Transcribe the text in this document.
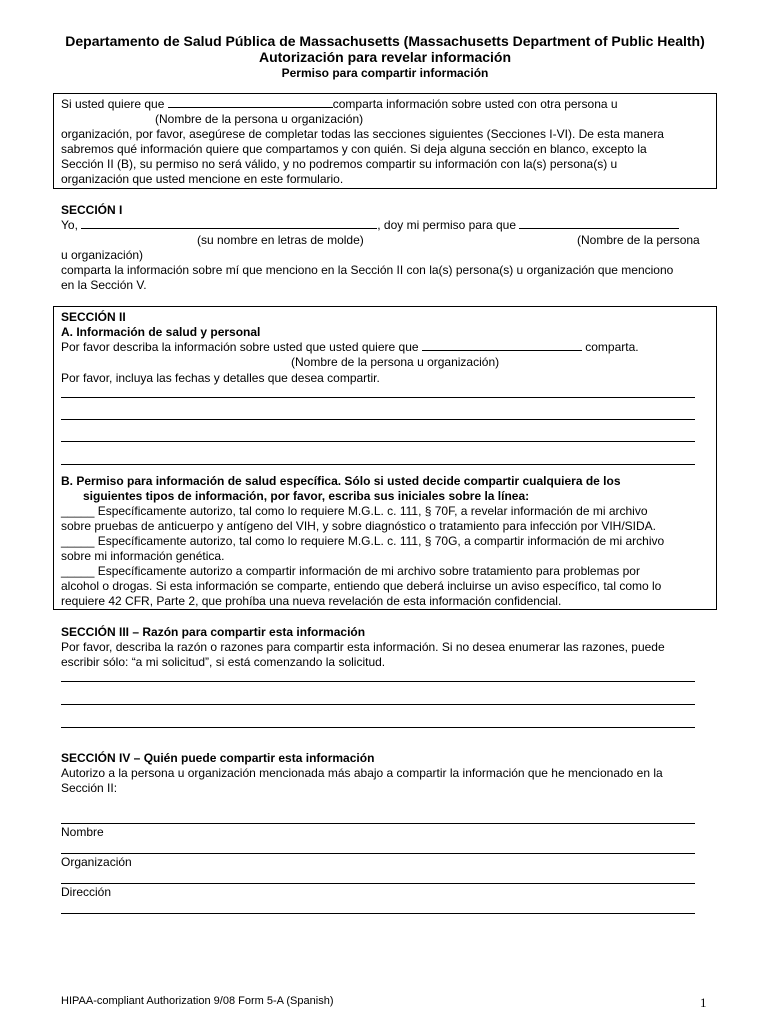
Departamento de Salud Pública de Massachusetts (Massachusetts Department of Public Health)
Autorización para revelar información
Permiso para compartir información
Si usted quiere que	comparta información sobre usted con otra persona u
(Nombre de la persona u organización)
organización, por favor, asegúrese de completar todas las secciones siguientes (Secciones I-VI). De esta manera
sabremos qué información quiere que compartamos y con quién. Si deja alguna sección en blanco, excepto la
Sección II (B), su permiso no será válido, y no podremos compartir su información con la(s) persona(s) u
organización que usted mencione en este formulario.
SECCIÓN I
Yo,	, doy mi permiso para que
(su nombre en letras de molde)	(Nombre de la persona
u organización)
comparta la información sobre mí que menciono en la Sección II con la(s) persona(s) u organización que menciono
en la Sección V.
SECCIÓN II
A. Información de salud y personal
Por favor describa la información sobre usted que usted quiere que	comparta.
(Nombre de la persona u organización)
Por favor, incluya las fechas y detalles que desea compartir.
B. Permiso para información de salud específica. Sólo si usted decide compartir cualquiera de los
siguientes tipos de información, por favor, escriba sus iniciales sobre la línea:
_____ Específicamente autorizo, tal como lo requiere M.G.L. c. 111, § 70F, a revelar información de mi archivo
sobre pruebas de anticuerpo y antígeno del VIH, y sobre diagnóstico o tratamiento para infección por VIH/SIDA.
_____ Específicamente autorizo, tal como lo requiere M.G.L. c. 111, § 70G, a compartir información de mi archivo
sobre mi información genética.
_____ Específicamente autorizo a compartir información de mi archivo sobre tratamiento para problemas por
alcohol o drogas. Si esta información se comparte, entiendo que deberá incluirse un aviso específico, tal como lo
requiere 42 CFR, Parte 2, que prohíba una nueva revelación de esta información confidencial.
SECCIÓN III – Razón para compartir esta información
Por favor, describa la razón o razones para compartir esta información. Si no desea enumerar las razones, puede
escribir sólo: “a mi solicitud”, si está comenzando la solicitud.
SECCIÓN IV – Quién puede compartir esta información
Autorizo a la persona u organización mencionada más abajo a compartir la información que he mencionado en la
Sección II:
Nombre
Organización
Dirección
HIPAA-compliant Authorization 9/08 Form 5-A (Spanish)	1
